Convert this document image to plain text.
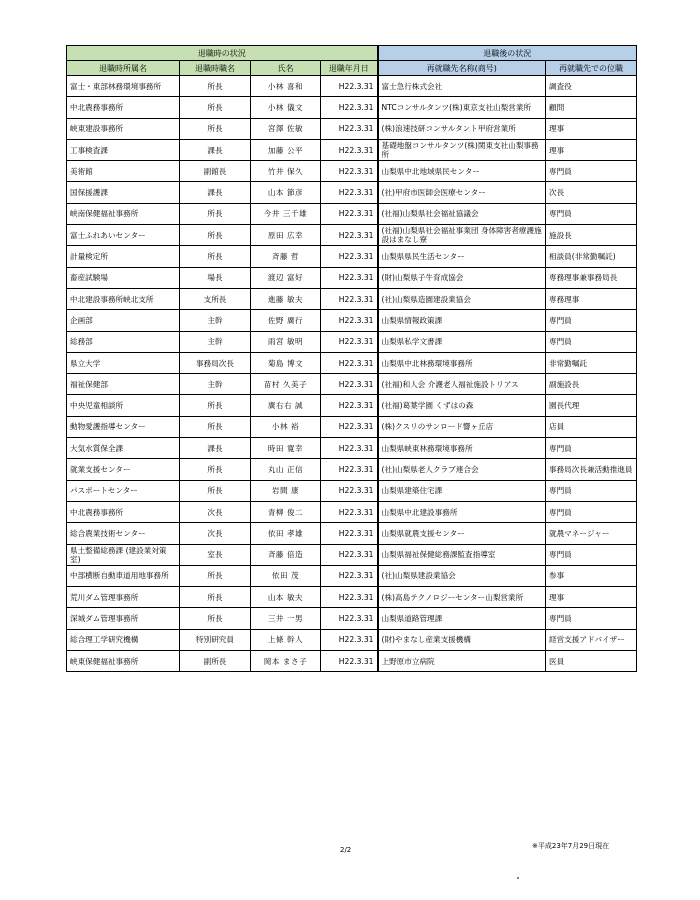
退職時の状況				退職後の状況	
退職時所属名	退職時職名	氏名	退職年月日	再就職先名称(商号)	再就職先での位職
富士・東部林務環境事務所	所長	小林 喜和	H22.3.31	富士急行株式会社	調査役
中北農務事務所	所長	小林 儀文	H22.3.31	NTCコンサルタンツ(株)東京支社山梨営業所	顧問
峡東建設事務所	所長	宮澤 佐敏	H22.3.31	(株)浪速技研コンサルタント甲府営業所	理事
工事検査課	課長	加藤 公平	H22.3.31	基礎地盤コンサルタンツ(株)関東支社山梨事務所	理事
美術館	副館長	竹井 保久	H22.3.31	山梨県中北地域県民センター	専門員
国保援護課	課長	山本 節彦	H22.3.31	(社)甲府市医師会医療センター	次長
峡南保健福祉事務所	所長	今井 三千雄	H22.3.31	(社福)山梨県社会福祉協議会	専門員
富士ふれあいセンター	所長	原田 広幸	H22.3.31	(社福)山梨県社会福祉事業団 身体障害者療護施設はまなし寮	施設長
計量検定所	所長	斉藤 哲	H22.3.31	山梨県県民生活センター	相談員(非常勤嘱託)
畜産試験場	場長	渡辺 富好	H22.3.31	(財)山梨県子牛育成協会	専務理事兼事務局長
中北建設事務所峡北支所	支所長	進藤 敏夫	H22.3.31	(社)山梨県造園建設業協会	専務理事
企画部	主幹	佐野 廣行	H22.3.31	山梨県情報政策課	専門員
総務部	主幹	雨宮 敏明	H22.3.31	山梨県私学文書課	専門員
県立大学	事務局次長	菊島 博文	H22.3.31	山梨県中北林務環境事務所	非常勤嘱託
福祉保健部	主幹	苗村 久美子	H22.3.31	(社福)和人会 介護老人福祉施設トリアス	副施設長
中央児童相談所	所長	廣右右 誠	H22.3.31	(社福)葛葉学園 くずはの森	園長代理
動物愛護指導センター	所長	小林 裕	H22.3.31	(株)クスリのサンロード響ヶ丘店	店員
大気水質保全課	課長	時田 寛幸	H22.3.31	山梨県峡東林務環境事務所	専門員
就業支援センター	所長	丸山 正信	H22.3.31	(社)山梨県老人クラブ連合会	事務局次長兼活動推進員
パスポートセンター	所長	岩間 康	H22.3.31	山梨県建築住宅課	専門員
中北農務事務所	次長	青柳 俊二	H22.3.31	山梨県中北建設事務所	専門員
総合農業技術センター	次長	依田 孝雄	H22.3.31	山梨県就農支援センター	就農マネージャー
県土整備総務課 (建設業対策室)	室長	斉藤 倍造	H22.3.31	山梨県福祉保健総務課監査指導室	専門員
中部横断自動車道用地事務所	所長	依田 茂	H22.3.31	(社)山梨県建設業協会	参事
荒川ダム管理事務所	所長	山本 敏夫	H22.3.31	(株)高島テクノロジーセンター山梨営業所	理事
深城ダム管理事務所	所長	三井 一男	H22.3.31	山梨県道路管理課	専門員
総合理工学研究機構	特別研究員	上條 幹人	H22.3.31	(財)やまなし産業支援機構	経営支援アドバイザー
峡東保健福祉事務所	副所長	岡本 まさ子	H22.3.31	上野原市立病院	医員
2/2	※平成23年7月29日現在
